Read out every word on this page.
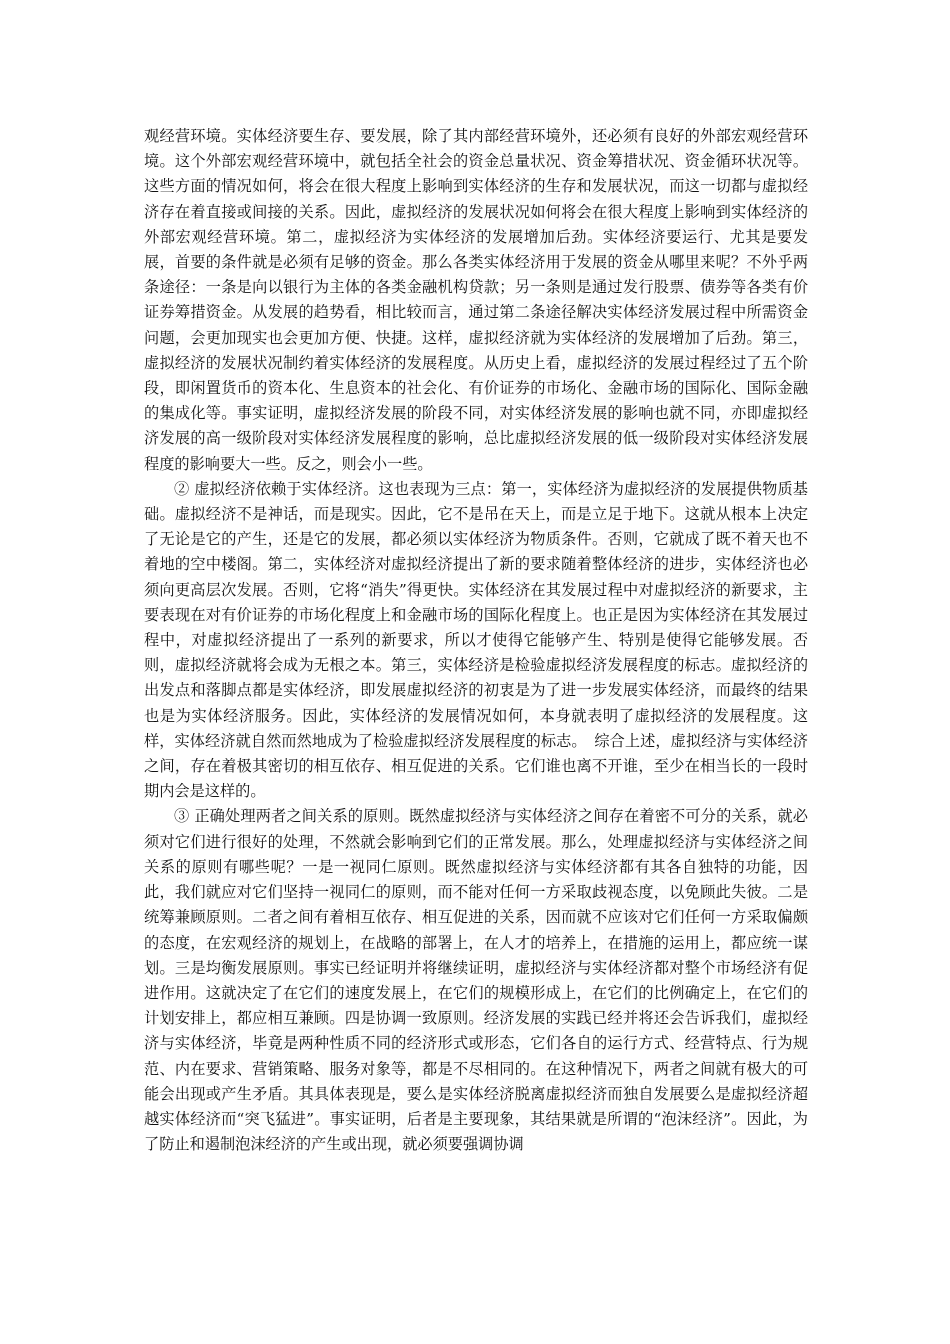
观经营环境。实体经济要生存、要发展，除了其内部经营环境外，还必须有良好的外部宏观经营环境。这个外部宏观经营环境中，就包括全社会的资金总量状况、资金筹措状况、资金循环状况等。这些方面的情况如何，将会在很大程度上影响到实体经济的生存和发展状况，而这一切都与虚拟经济存在着直接或间接的关系。因此，虚拟经济的发展状况如何将会在很大程度上影响到实体经济的外部宏观经营环境。第二，虚拟经济为实体经济的发展增加后劲。实体经济要运行、尤其是要发展，首要的条件就是必须有足够的资金。那么各类实体经济用于发展的资金从哪里来呢？不外乎两条途径：一条是向以银行为主体的各类金融机构贷款；另一条则是通过发行股票、债券等各类有价证券筹措资金。从发展的趋势看，相比较而言，通过第二条途径解决实体经济发展过程中所需资金问题，会更加现实也会更加方便、快捷。这样，虚拟经济就为实体经济的发展增加了后劲。第三，虚拟经济的发展状况制约着实体经济的发展程度。从历史上看，虚拟经济的发展过程经过了五个阶段，即闲置货币的资本化、生息资本的社会化、有价证券的市场化、金融市场的国际化、国际金融的集成化等。事实证明，虚拟经济发展的阶段不同，对实体经济发展的影响也就不同，亦即虚拟经济发展的高一级阶段对实体经济发展程度的影响，总比虚拟经济发展的低一级阶段对实体经济发展程度的影响要大一些。反之，则会小一些。

② 虚拟经济依赖于实体经济。这也表现为三点：第一，实体经济为虚拟经济的发展提供物质基础。虚拟经济不是神话，而是现实。因此，它不是吊在天上，而是立足于地下。这就从根本上决定了无论是它的产生，还是它的发展，都必须以实体经济为物质条件。否则，它就成了既不着天也不着地的空中楼阁。第二，实体经济对虚拟经济提出了新的要求随着整体经济的进步，实体经济也必须向更高层次发展。否则，它将“消失”得更快。实体经济在其发展过程中对虚拟经济的新要求，主要表现在对有价证券的市场化程度上和金融市场的国际化程度上。也正是因为实体经济在其发展过程中，对虚拟经济提出了一系列的新要求，所以才使得它能够产生、特别是使得它能够发展。否则，虚拟经济就将会成为无根之本。第三，实体经济是检验虚拟经济发展程度的标志。虚拟经济的出发点和落脚点都是实体经济，即发展虚拟经济的初衷是为了进一步发展实体经济，而最终的结果也是为实体经济服务。因此，实体经济的发展情况如何，本身就表明了虚拟经济的发展程度。这样，实体经济就自然而然地成为了检验虚拟经济发展程度的标志。　综合上述，虚拟经济与实体经济之间，存在着极其密切的相互依存、相互促进的关系。它们谁也离不开谁，至少在相当长的一段时期内会是这样的。

③ 正确处理两者之间关系的原则。既然虚拟经济与实体经济之间存在着密不可分的关系，就必须对它们进行很好的处理，不然就会影响到它们的正常发展。那么，处理虚拟经济与实体经济之间关系的原则有哪些呢？一是一视同仁原则。既然虚拟经济与实体经济都有其各自独特的功能，因此，我们就应对它们坚持一视同仁的原则，而不能对任何一方采取歧视态度，以免顾此失彼。二是统筹兼顾原则。二者之间有着相互依存、相互促进的关系，因而就不应该对它们任何一方采取偏颇的态度，在宏观经济的规划上，在战略的部署上，在人才的培养上，在措施的运用上，都应统一谋划。三是均衡发展原则。事实已经证明并将继续证明，虚拟经济与实体经济都对整个市场经济有促进作用。这就决定了在它们的速度发展上，在它们的规模形成上，在它们的比例确定上，在它们的计划安排上，都应相互兼顾。四是协调一致原则。经济发展的实践已经并将还会告诉我们，虚拟经济与实体经济，毕竟是两种性质不同的经济形式或形态，它们各自的运行方式、经营特点、行为规范、内在要求、营销策略、服务对象等，都是不尽相同的。在这种情况下，两者之间就有极大的可能会出现或产生矛盾。其具体表现是，要么是实体经济脱离虚拟经济而独自发展要么是虚拟经济超越实体经济而“突飞猛进”。事实证明，后者是主要现象，其结果就是所谓的“泡沫经济”。因此，为了防止和遏制泡沫经济的产生或出现，就必须要强调协调
